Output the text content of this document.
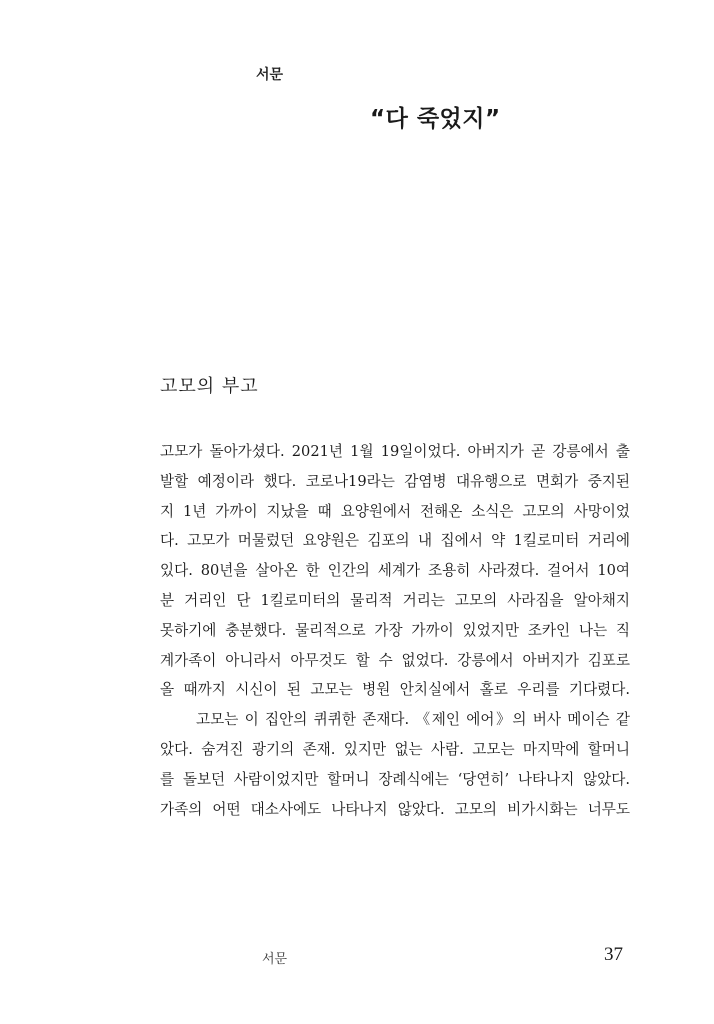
서문

“다 죽었지”
고모의 부고

고모가 돌아가셨다. 2021년 1월 19일이었다. 아버지가 곧 강릉에서 출
발할 예정이라 했다. 코로나19라는 감염병 대유행으로 면회가 중지된
지 1년 가까이 지났을 때 요양원에서 전해온 소식은 고모의 사망이었
다. 고모가 머물렀던 요양원은 김포의 내 집에서 약 1킬로미터 거리에
있다. 80년을 살아온 한 인간의 세계가 조용히 사라졌다. 걸어서 10여
분 거리인 단 1킬로미터의 물리적 거리는 고모의 사라짐을 알아채지
못하기에 충분했다. 물리적으로 가장 가까이 있었지만 조카인 나는 직
계가족이 아니라서 아무것도 할 수 없었다. 강릉에서 아버지가 김포로
올 때까지 시신이 된 고모는 병원 안치실에서 홀로 우리를 기다렸다.

고모는 이 집안의 퀴퀴한 존재다. 《제인 에어》의 버사 메이슨 같
았다. 숨겨진 광기의 존재. 있지만 없는 사람. 고모는 마지막에 할머니
를 돌보던 사람이었지만 할머니 장례식에는 ‘당연히’ 나타나지 않았다.
가족의 어떤 대소사에도 나타나지 않았다. 고모의 비가시화는 너무도

서문	37
